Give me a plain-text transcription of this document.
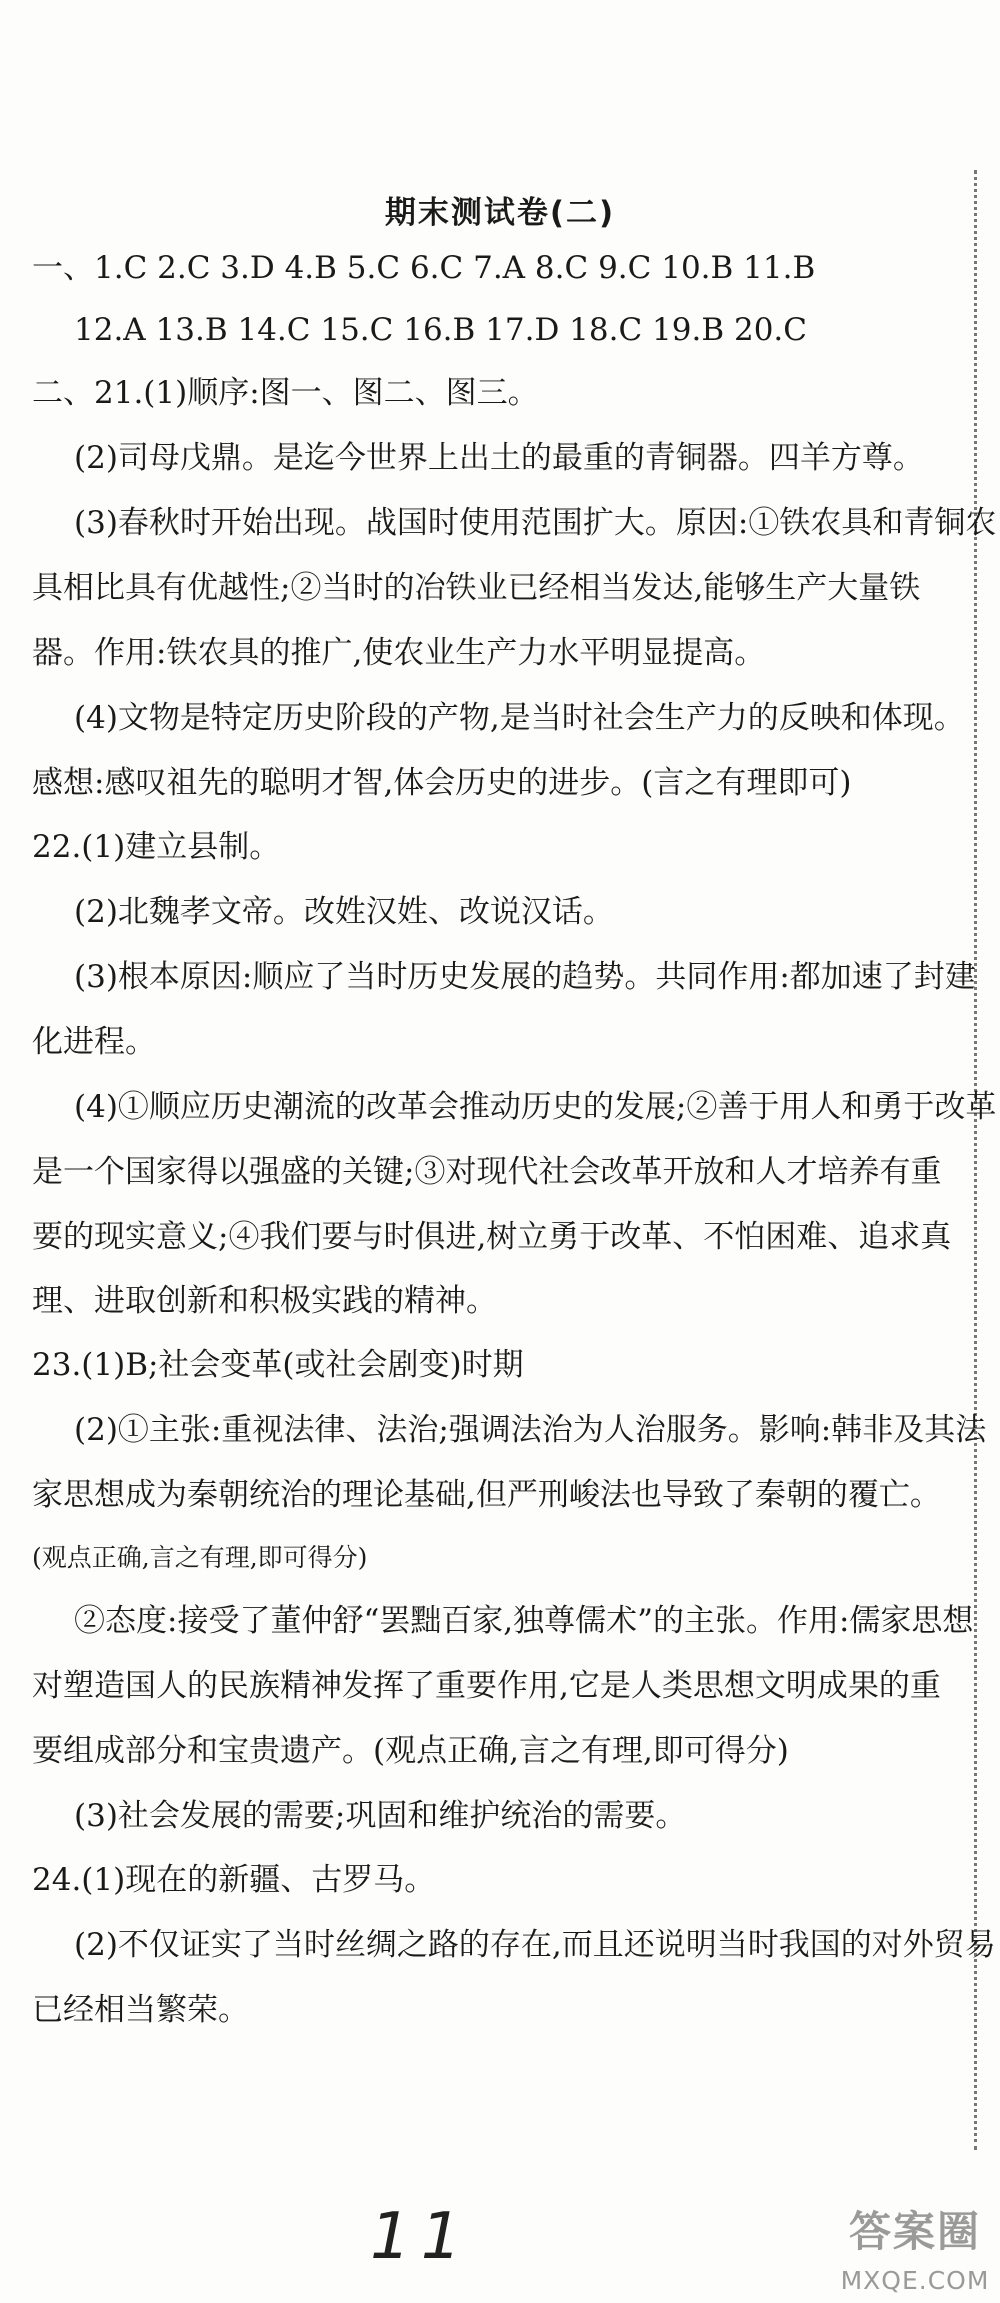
期末测试卷(二)
一、1.C 2.C 3.D 4.B 5.C 6.C 7.A 8.C 9.C 10.B 11.B
12.A 13.B 14.C 15.C 16.B 17.D 18.C 19.B 20.C
二、21.(1)顺序:图一、图二、图三。
(2)司母戊鼎。是迄今世界上出土的最重的青铜器。四羊方尊。
(3)春秋时开始出现。战国时使用范围扩大。原因:①铁农具和青铜农
具相比具有优越性;②当时的冶铁业已经相当发达,能够生产大量铁
器。作用:铁农具的推广,使农业生产力水平明显提高。
(4)文物是特定历史阶段的产物,是当时社会生产力的反映和体现。
感想:感叹祖先的聪明才智,体会历史的进步。(言之有理即可)
22.(1)建立县制。
(2)北魏孝文帝。改姓汉姓、改说汉话。
(3)根本原因:顺应了当时历史发展的趋势。共同作用:都加速了封建
化进程。
(4)①顺应历史潮流的改革会推动历史的发展;②善于用人和勇于改革
是一个国家得以强盛的关键;③对现代社会改革开放和人才培养有重
要的现实意义;④我们要与时俱进,树立勇于改革、不怕困难、追求真
理、进取创新和积极实践的精神。
23.(1)B;社会变革(或社会剧变)时期
(2)①主张:重视法律、法治;强调法治为人治服务。影响:韩非及其法
家思想成为秦朝统治的理论基础,但严刑峻法也导致了秦朝的覆亡。
(观点正确,言之有理,即可得分)
②态度:接受了董仲舒“罢黜百家,独尊儒术”的主张。作用:儒家思想
对塑造国人的民族精神发挥了重要作用,它是人类思想文明成果的重
要组成部分和宝贵遗产。(观点正确,言之有理,即可得分)
(3)社会发展的需要;巩固和维护统治的需要。
24.(1)现在的新疆、古罗马。
(2)不仅证实了当时丝绸之路的存在,而且还说明当时我国的对外贸易
已经相当繁荣。
11	答案圈
MXQE.COM
